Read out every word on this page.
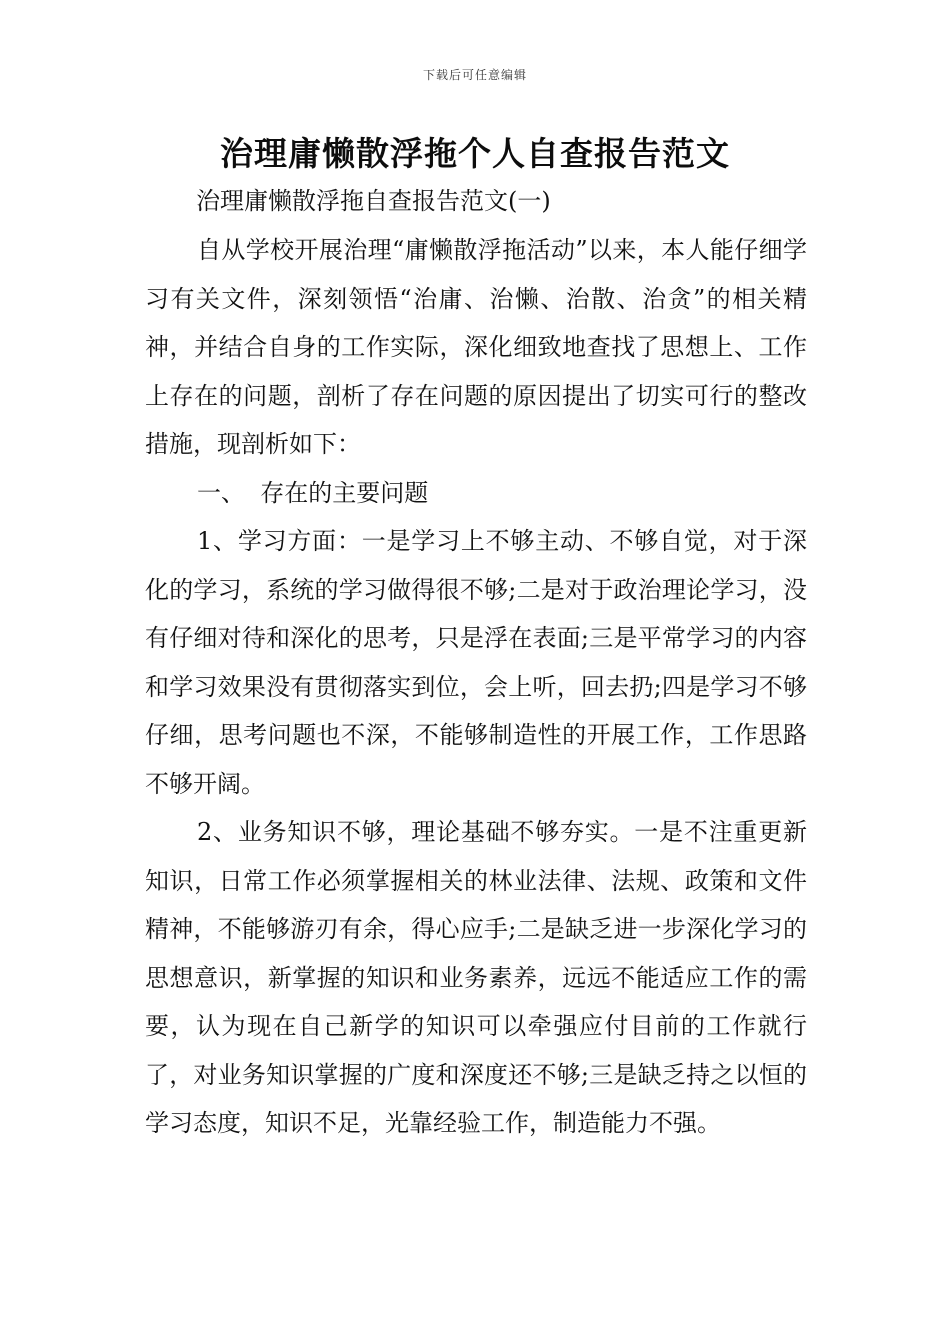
下载后可任意编辑
治理庸懒散浮拖个人自查报告范文
治理庸懒散浮拖自查报告范文(一)

自从学校开展治理“庸懒散浮拖活动”以来，本人能仔细学习有关文件，深刻领悟“治庸、治懒、治散、治贪”的相关精神，并结合自身的工作实际，深化细致地查找了思想上、工作上存在的问题，剖析了存在问题的原因提出了切实可行的整改措施，现剖析如下：

一、  存在的主要问题

1、学习方面：一是学习上不够主动、不够自觉，对于深化的学习，系统的学习做得很不够;二是对于政治理论学习，没有仔细对待和深化的思考，只是浮在表面;三是平常学习的内容和学习效果没有贯彻落实到位，会上听，回去扔;四是学习不够仔细，思考问题也不深，不能够制造性的开展工作，工作思路不够开阔。

2、业务知识不够，理论基础不够夯实。一是不注重更新知识，日常工作必须掌握相关的林业法律、法规、政策和文件精神，不能够游刃有余，得心应手;二是缺乏进一步深化学习的思想意识，新掌握的知识和业务素养，远远不能适应工作的需要，认为现在自己新学的知识可以牵强应付目前的工作就行了，对业务知识掌握的广度和深度还不够;三是缺乏持之以恒的学习态度，知识不足，光靠经验工作，制造能力不强。
